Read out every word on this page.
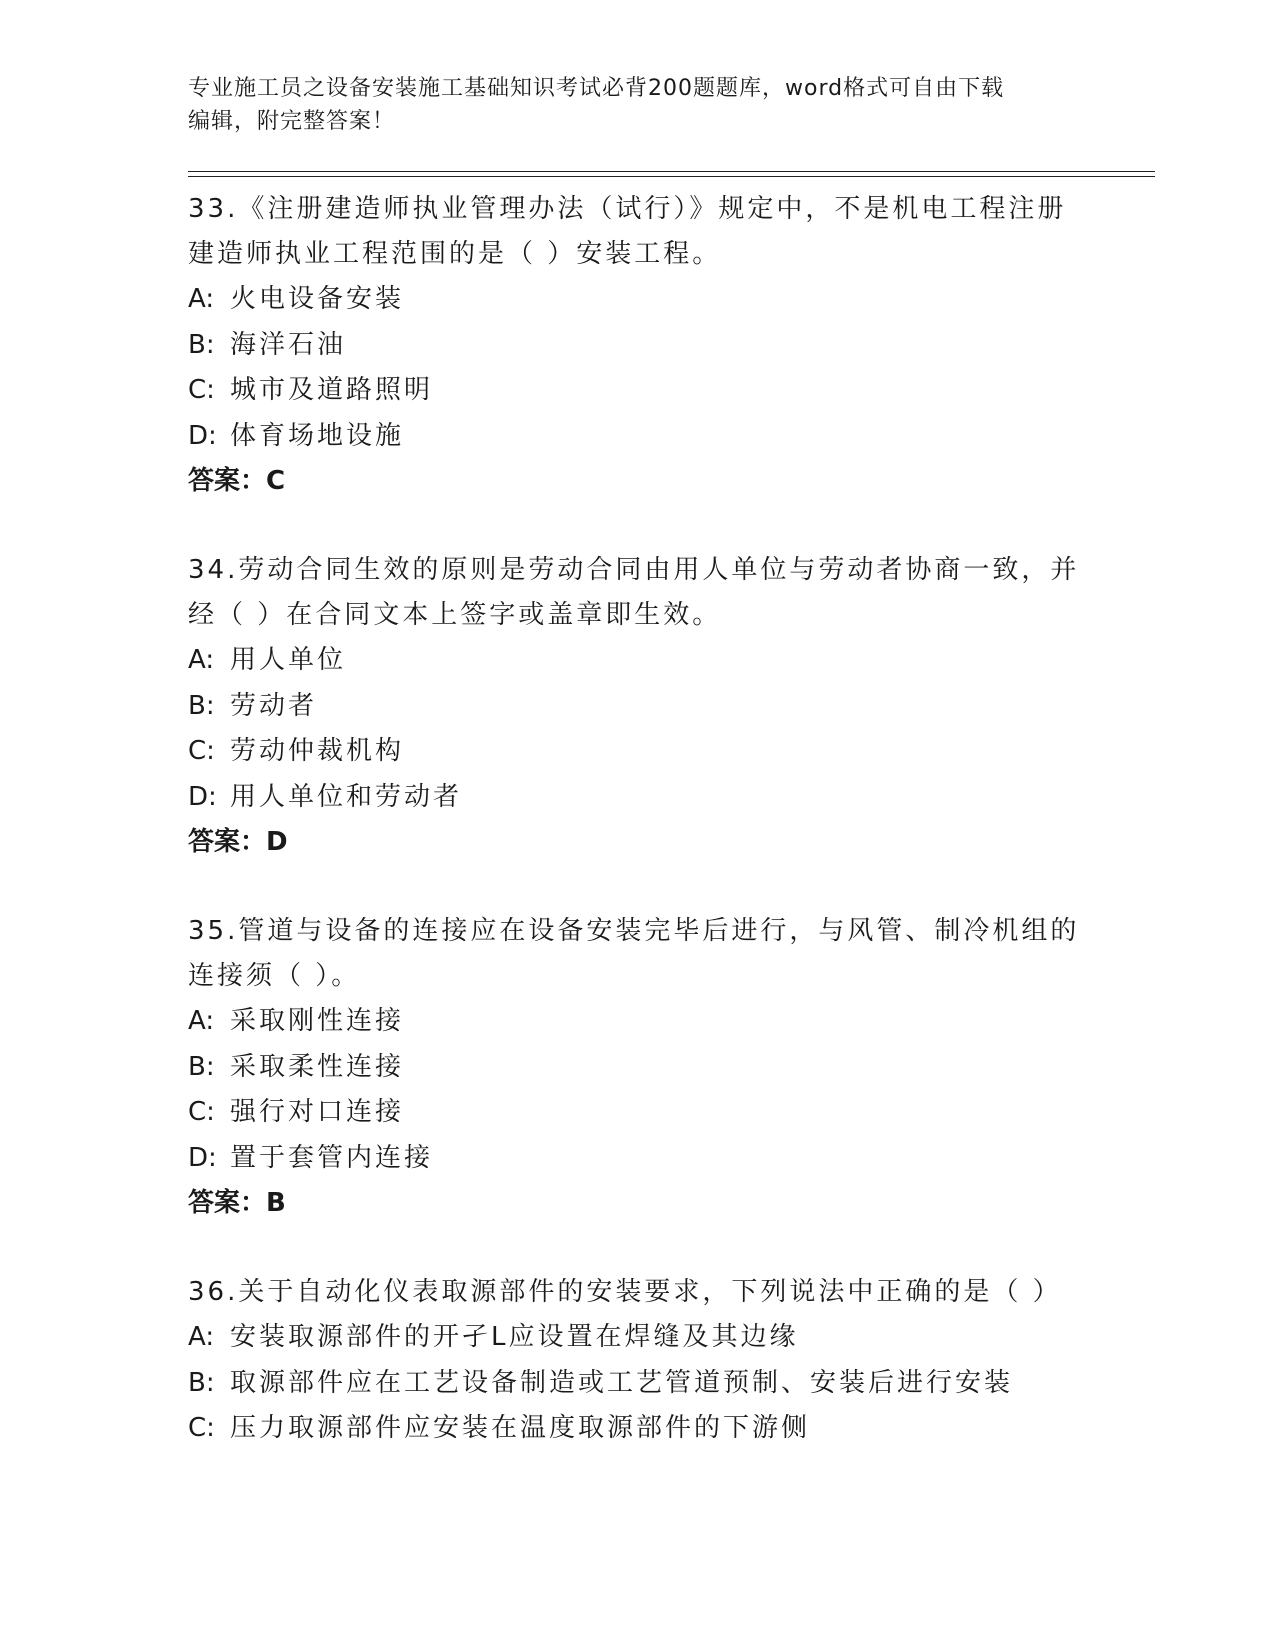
专业施工员之设备安装施工基础知识考试必背200题题库，word格式可自由下载
编辑，附完整答案！
33.《注册建造师执业管理办法（试行）》规定中，不是机电工程注册建造师执业工程范围的是（ ）安装工程。
A: 火电设备安装
B: 海洋石油
C: 城市及道路照明
D: 体育场地设施
答案：C
34.劳动合同生效的原则是劳动合同由用人单位与劳动者协商一致，并经（ ）在合同文本上签字或盖章即生效。
A: 用人单位
B: 劳动者
C: 劳动仲裁机构
D: 用人单位和劳动者
答案：D
35.管道与设备的连接应在设备安装完毕后进行，与风管、制冷机组的连接须（ ）。
A: 采取刚性连接
B: 采取柔性连接
C: 强行对口连接
D: 置于套管内连接
答案：B
36.关于自动化仪表取源部件的安装要求，下列说法中正确的是（ ）
A: 安装取源部件的开孑L应设置在焊缝及其边缘
B: 取源部件应在工艺设备制造或工艺管道预制、安装后进行安装
C: 压力取源部件应安装在温度取源部件的下游侧
